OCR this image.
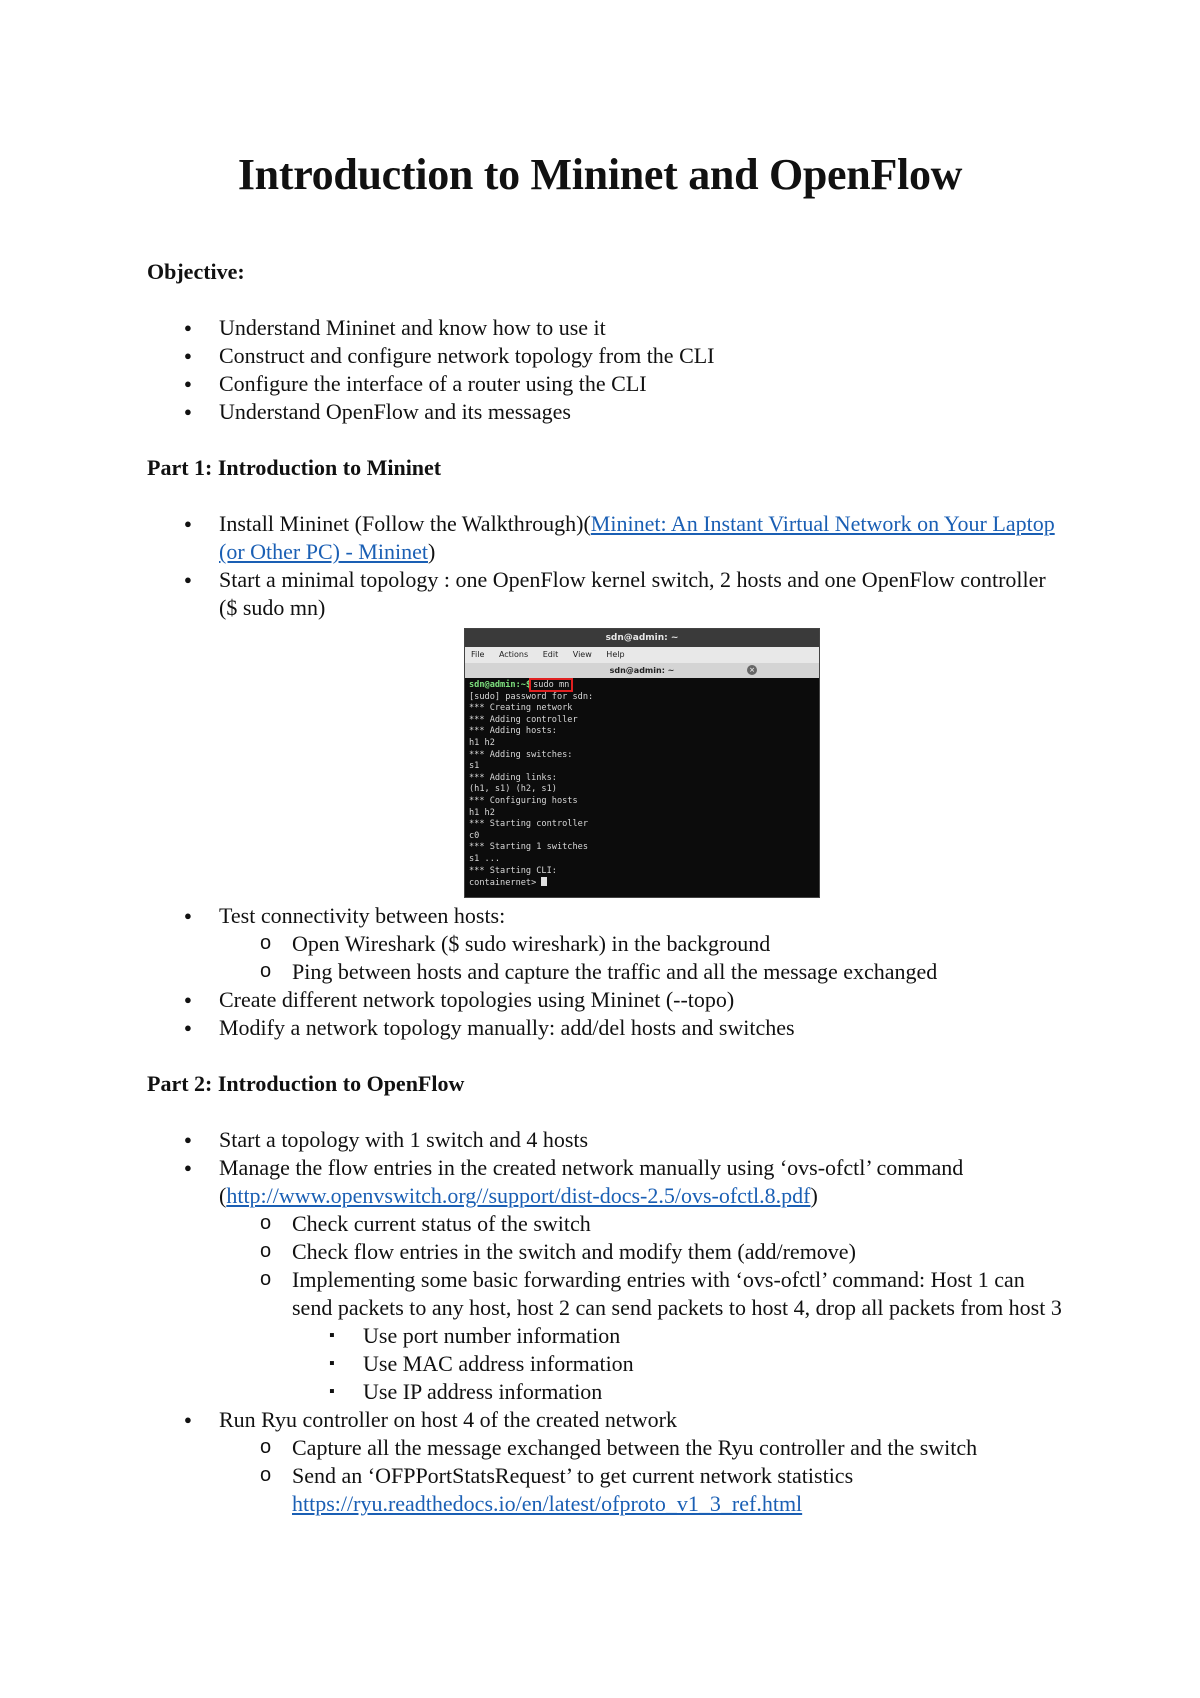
Introduction to Mininet and OpenFlow

Objective:

● Understand Mininet and know how to use it
● Construct and configure network topology from the CLI
● Configure the interface of a router using the CLI
● Understand OpenFlow and its messages

Part 1: Introduction to Mininet

● Install Mininet (Follow the Walkthrough)(Mininet: An Instant Virtual Network on Your Laptop (or Other PC) - Mininet)
● Start a minimal topology : one OpenFlow kernel switch, 2 hosts and one OpenFlow controller ($ sudo mn)
sdn@admin: ~
File Actions Edit View Help
sdn@admin: ~	×
sdn@admin:~$ sudo mn
[sudo] password for sdn:
*** Creating network
*** Adding controller
*** Adding hosts:
h1 h2
*** Adding switches:
s1
*** Adding links:
(h1, s1) (h2, s1)
*** Configuring hosts
h1 h2
*** Starting controller
c0
*** Starting 1 switches
s1 ...
*** Starting CLI:
containernet>
● Test connectivity between hosts:
o Open Wireshark ($ sudo wireshark) in the background
o Ping between hosts and capture the traffic and all the message exchanged
● Create different network topologies using Mininet (--topo)
● Modify a network topology manually: add/del hosts and switches

Part 2: Introduction to OpenFlow

● Start a topology with 1 switch and 4 hosts
● Manage the flow entries in the created network manually using ‘ovs-ofctl’ command (http://www.openvswitch.org//support/dist-docs-2.5/ovs-ofctl.8.pdf)
o Check current status of the switch
o Check flow entries in the switch and modify them (add/remove)
o Implementing some basic forwarding entries with ‘ovs-ofctl’ command: Host 1 can send packets to any host, host 2 can send packets to host 4, drop all packets from host 3
▪ Use port number information
▪ Use MAC address information
▪ Use IP address information
● Run Ryu controller on host 4 of the created network
o Capture all the message exchanged between the Ryu controller and the switch
o Send an ‘OFPPortStatsRequest’ to get current network statistics
https://ryu.readthedocs.io/en/latest/ofproto_v1_3_ref.html
